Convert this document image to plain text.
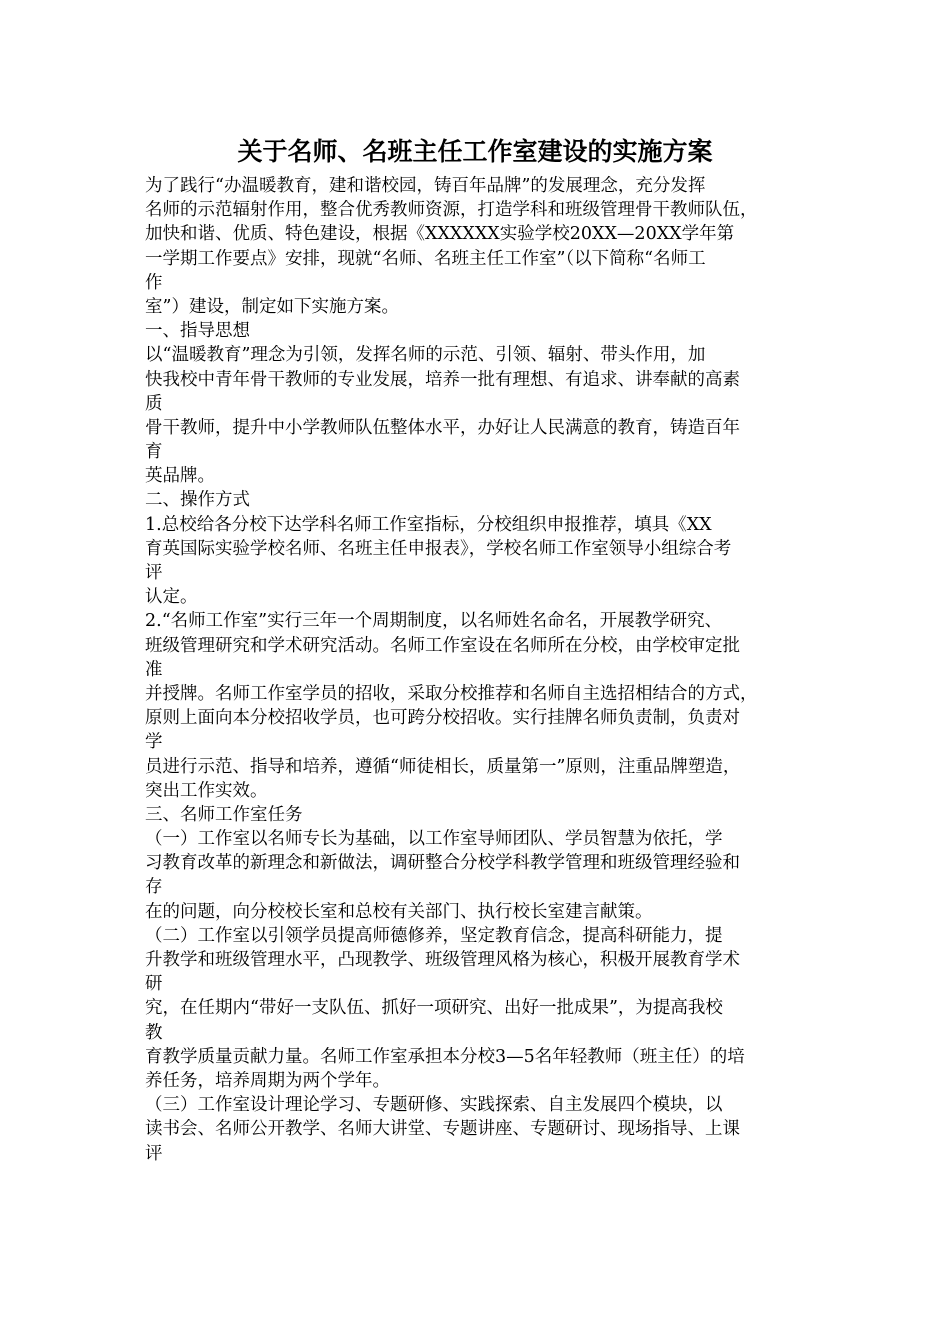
关于名师、名班主任工作室建设的实施方案
为了践行“办温暖教育，建和谐校园，铸百年品牌”的发展理念，充分发挥
名师的示范辐射作用，整合优秀教师资源，打造学科和班级管理骨干教师队伍，
加快和谐、优质、特色建设，根据《XXXXXX实验学校20XX—20XX学年第
一学期工作要点》安排，现就“名师、名班主任工作室”（以下简称“名师工
作
室”）建设，制定如下实施方案。
一、指导思想
以“温暖教育”理念为引领，发挥名师的示范、引领、辐射、带头作用，加
快我校中青年骨干教师的专业发展，培养一批有理想、有追求、讲奉献的高素
质
骨干教师，提升中小学教师队伍整体水平，办好让人民满意的教育，铸造百年
育
英品牌。
二、操作方式
1.总校给各分校下达学科名师工作室指标，分校组织申报推荐，填具《XX
育英国际实验学校名师、名班主任申报表》，学校名师工作室领导小组综合考
评
认定。
2.“名师工作室”实行三年一个周期制度，以名师姓名命名，开展教学研究、
班级管理研究和学术研究活动。名师工作室设在名师所在分校，由学校审定批
准
并授牌。名师工作室学员的招收，采取分校推荐和名师自主选招相结合的方式，
原则上面向本分校招收学员，也可跨分校招收。实行挂牌名师负责制，负责对
学
员进行示范、指导和培养，遵循“师徒相长，质量第一”原则，注重品牌塑造，
突出工作实效。
三、名师工作室任务
（一）工作室以名师专长为基础，以工作室导师团队、学员智慧为依托，学
习教育改革的新理念和新做法，调研整合分校学科教学管理和班级管理经验和
存
在的问题，向分校校长室和总校有关部门、执行校长室建言献策。
（二）工作室以引领学员提高师德修养，坚定教育信念，提高科研能力，提
升教学和班级管理水平，凸现教学、班级管理风格为核心，积极开展教育学术
研
究，在任期内“带好一支队伍、抓好一项研究、出好一批成果”，为提高我校
教
育教学质量贡献力量。名师工作室承担本分校3—5名年轻教师（班主任）的培
养任务，培养周期为两个学年。
（三）工作室设计理论学习、专题研修、实践探索、自主发展四个模块，以
读书会、名师公开教学、名师大讲堂、专题讲座、专题研讨、现场指导、上课
评
